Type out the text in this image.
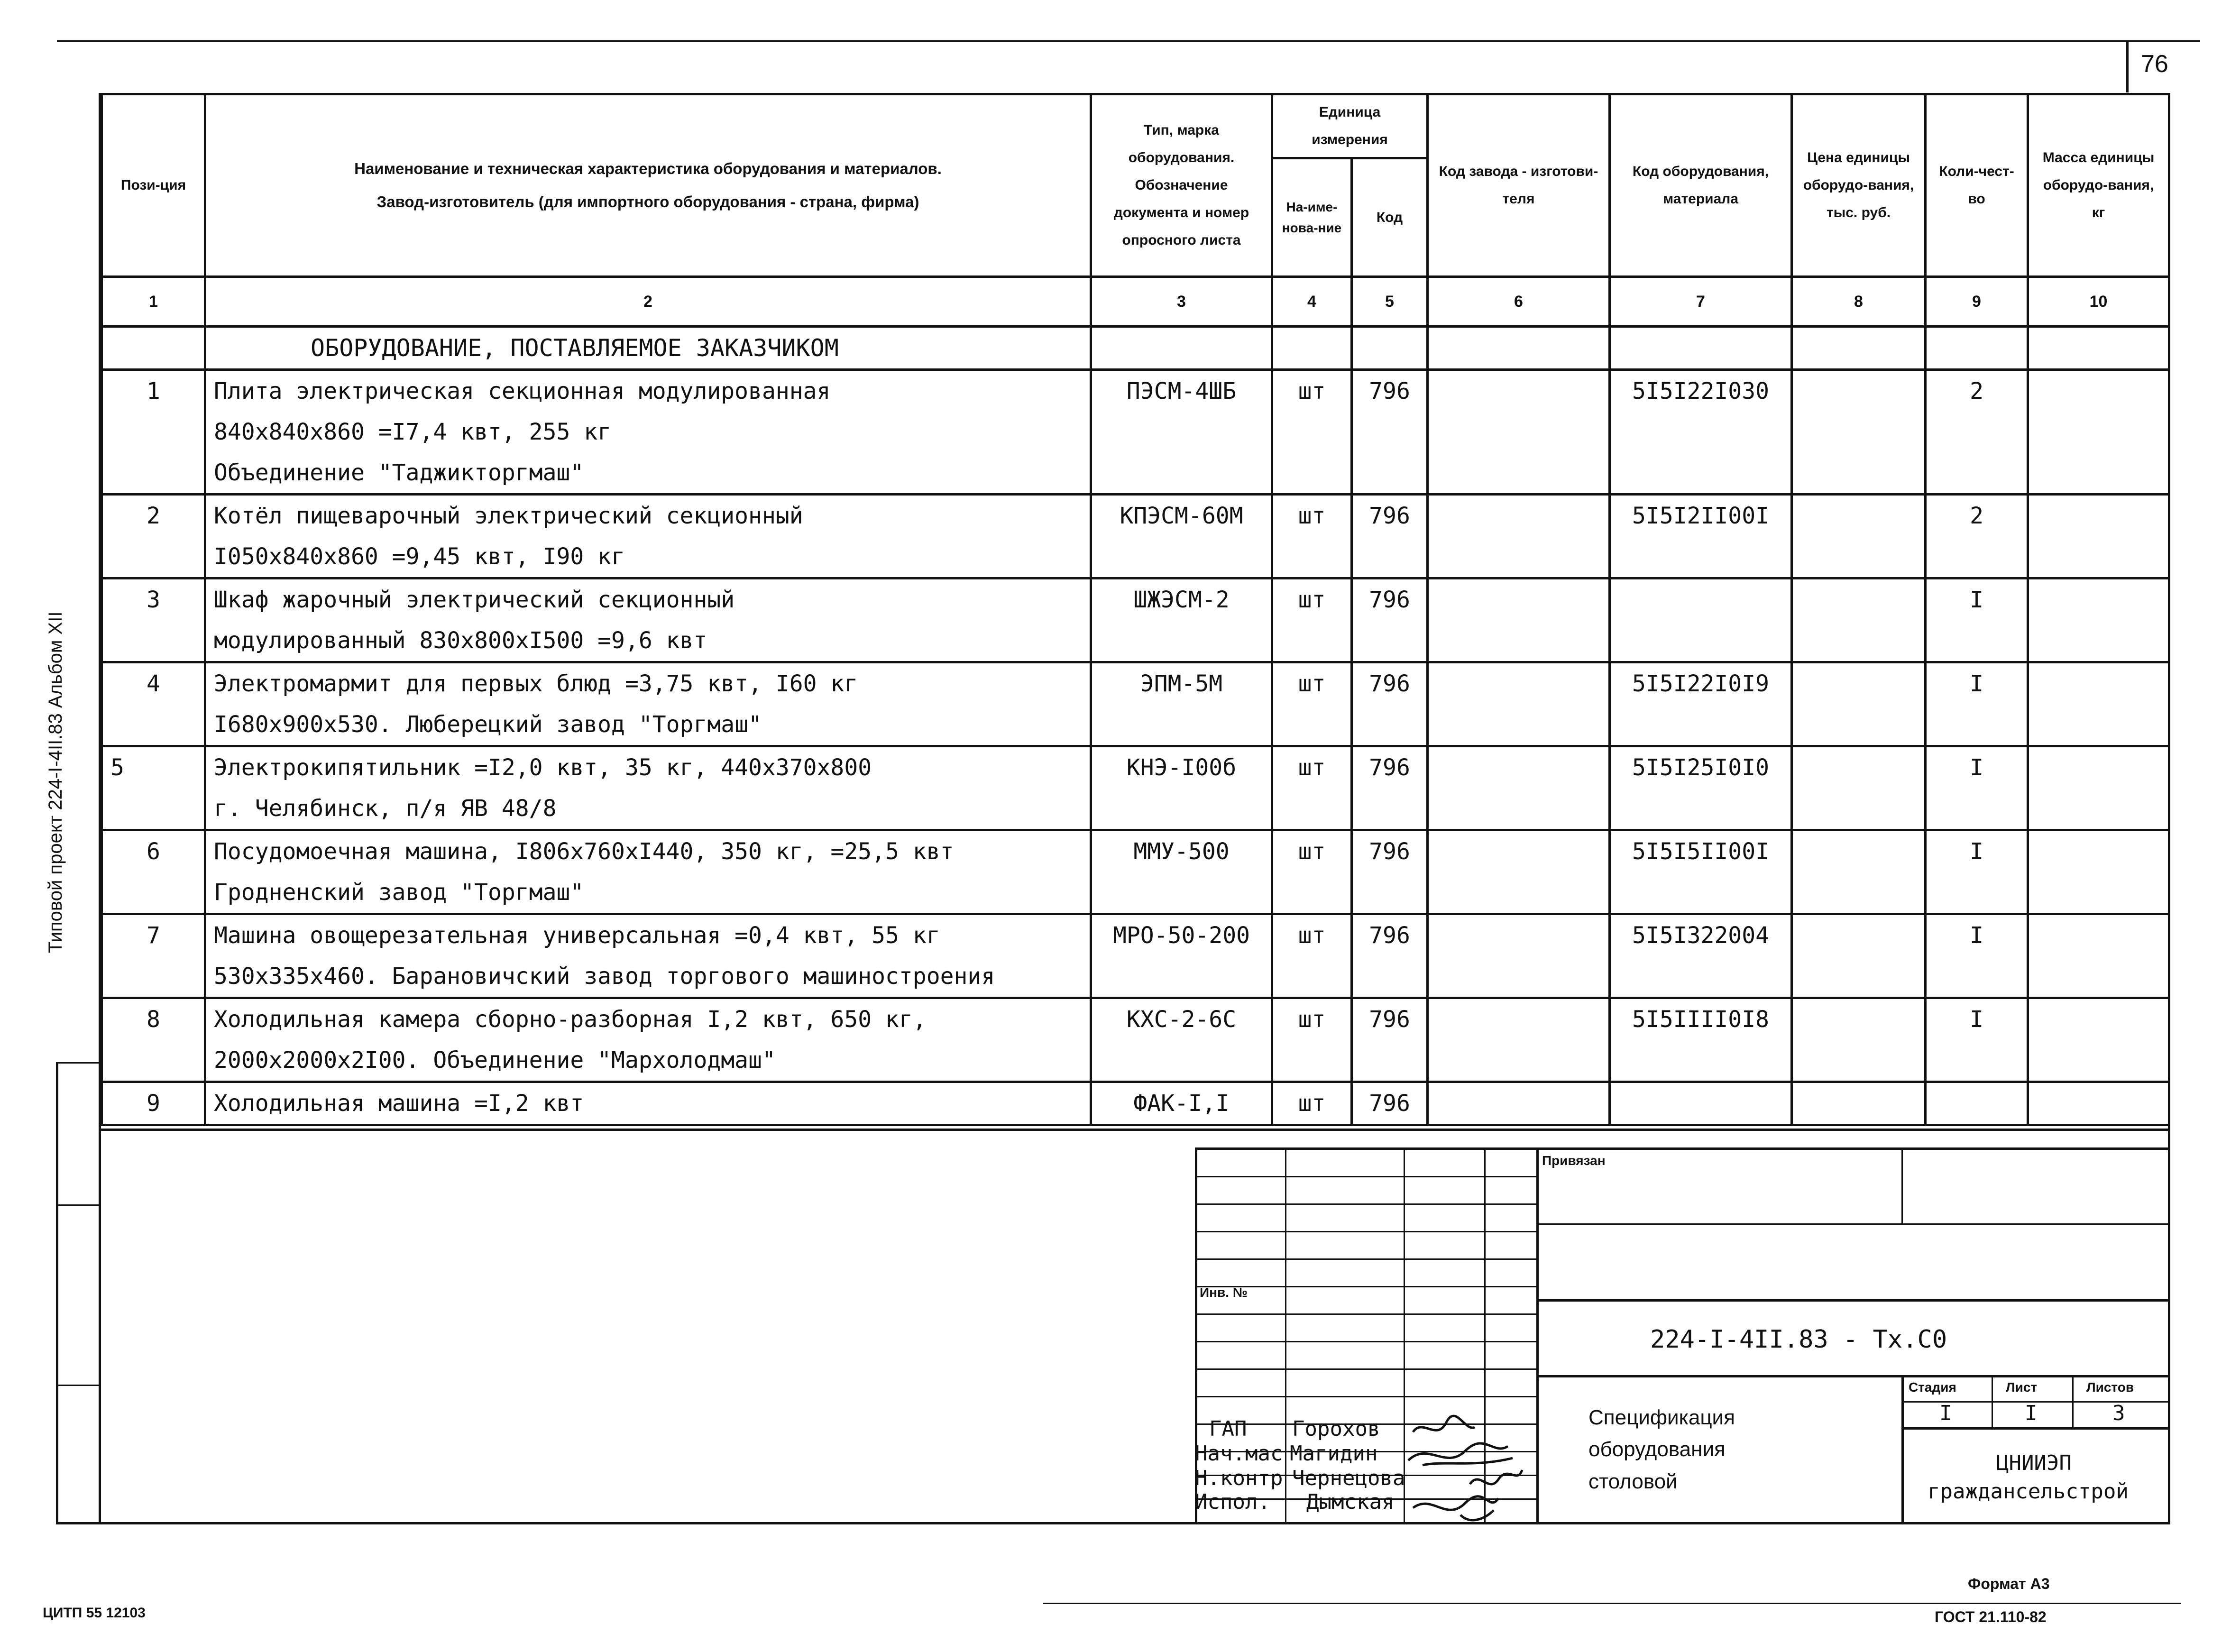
76
Типовой проект 224-I-4II.83 Альбом XII
Пози-ция	Наименование и техническая характеристика оборудования и материалов.
Завод-изготовитель (для импортного оборудования - страна, фирма)	Тип, марка оборудования. Обозначение документа и номер опросного листа	Единица измерения		Код завода - изготови-теля	Код оборудования, материала	Цена единицы оборудо-вания, тыс. руб.	Коли-чест-во	Масса единицы оборудо-вания, кг
			На-име-нова-ние	Код					
1	2	3	4	5	6	7	8	9	10
	ОБОРУДОВАНИЕ, ПОСТАВЛЯЕМОЕ ЗАКАЗЧИКОМ								
1	Плита электрическая секционная модулированная	ПЭСМ-4ШБ	шт	796		5I5I22I030		2	
	840x840x860 =I7,4 квт, 255 кг								
	Объединение "Таджикторгмаш"								
2	Котёл пищеварочный электрический секционный	КПЭСМ-60М	шт	796		5I5I2II00I		2	
	I050x840x860 =9,45 квт, I90 кг								
3	Шкаф жарочный электрический секционный	ШЖЭСМ-2	шт	796				I	
	модулированный 830x800xI500 =9,6 квт								
4	Электромармит для первых блюд =3,75 квт, I60 кг	ЭПМ-5М	шт	796		5I5I22I0I9		I	
	I680x900x530. Люберецкий завод "Торгмаш"								
5	Электрокипятильник =I2,0 квт, 35 кг, 440x370x800	КНЭ-I00б	шт	796		5I5I25I0I0		I	
	г. Челябинск, п/я ЯВ 48/8								
6	Посудомоечная машина, I806x760xI440, 350 кг, =25,5 квт	ММУ-500	шт	796		5I5I5II00I		I	
	Гродненский завод "Торгмаш"								
7	Машина овощерезательная универсальная =0,4 квт, 55 кг	МРО-50-200	шт	796		5I5I322004		I	
	530x335x460. Барановичский завод торгового машиностроения								
8	Холодильная камера сборно-разборная I,2 квт, 650 кг,	КХС-2-6С	шт	796		5I5IIII0I8		I	
	2000x2000x2I00. Объединение "Мархолодмаш"								
9	Холодильная машина =I,2 квт	ФАК-I,I	шт	796					
Инв. №
ГАП Горохов
Нач.мас Магидин
Н.контр Чернецова
Испол. Дымская
Привязан
224-I-4II.83 - Тх.С0
Спецификация
оборудования
столовой
Стадия	Лист	Листов
I	I	3
ЦНИИЭП
граждансельстрой
ЦИТП 55 12103
Формат А3
ГОСТ 21.110-82
